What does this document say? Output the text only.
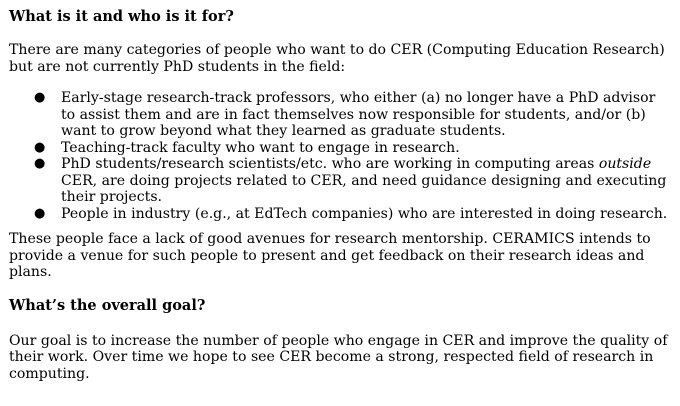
What is it and who is it for?

There are many categories of people who want to do CER (Computing Education Research) but are not currently PhD students in the field:

● Early-stage research-track professors, who either (a) no longer have a PhD advisor to assist them and are in fact themselves now responsible for students, and/or (b) want to grow beyond what they learned as graduate students.
● Teaching-track faculty who want to engage in research.
● PhD students/research scientists/etc. who are working in computing areas outside CER, are doing projects related to CER, and need guidance designing and executing their projects.
● People in industry (e.g., at EdTech companies) who are interested in doing research.

These people face a lack of good avenues for research mentorship. CERAMICS intends to provide a venue for such people to present and get feedback on their research ideas and plans.

What’s the overall goal?

Our goal is to increase the number of people who engage in CER and improve the quality of their work. Over time we hope to see CER become a strong, respected field of research in computing.
